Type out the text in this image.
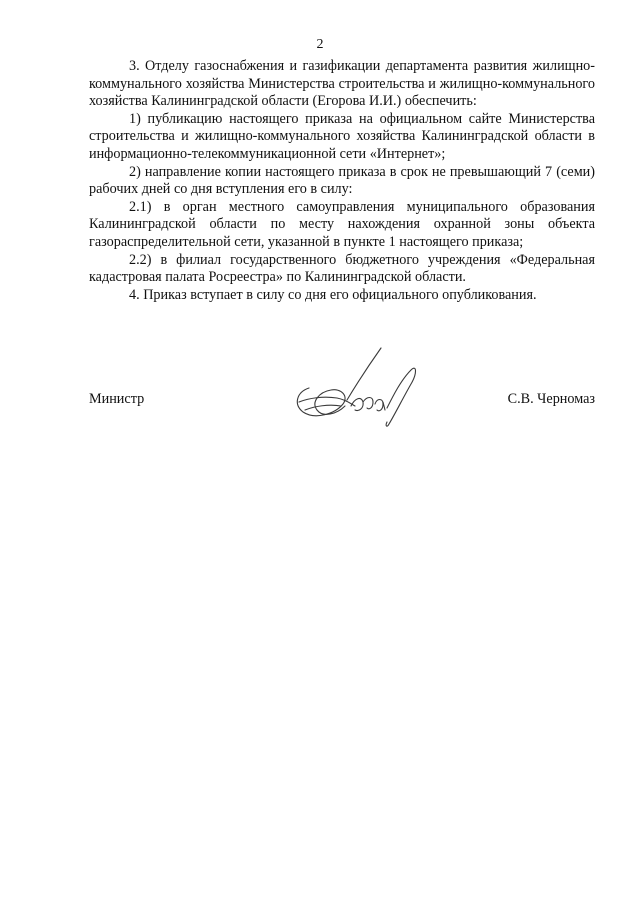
2

3. Отделу газоснабжения и газификации департамента развития жилищно-коммунального хозяйства Министерства строительства и жилищно-коммунального хозяйства Калининградской области (Егорова И.И.) обеспечить:

1) публикацию настоящего приказа на официальном сайте Министерства строительства и жилищно-коммунального хозяйства Калининградской области в информационно-телекоммуникационной сети «Интернет»;

2) направление копии настоящего приказа в срок не превышающий 7 (семи) рабочих дней со дня вступления его в силу:

2.1) в орган местного самоуправления муниципального образования Калининградской области по месту нахождения охранной зоны объекта газораспределительной сети, указанной в пункте 1 настоящего приказа;

2.2) в филиал государственного бюджетного учреждения «Федеральная кадастровая палата Росреестра» по Калининградской области.

4. Приказ вступает в силу со дня его официального опубликования.

Министр	С.В. Черномаз
